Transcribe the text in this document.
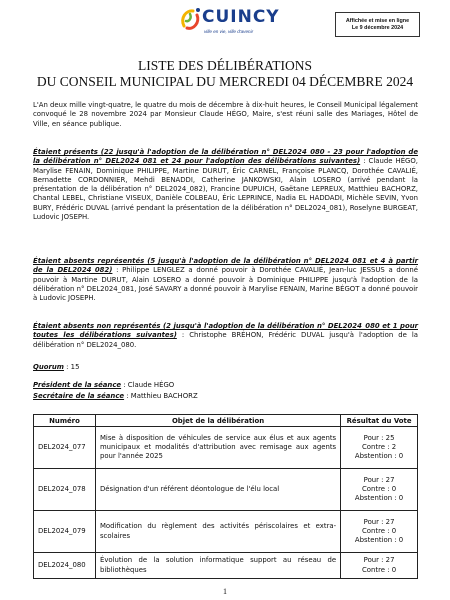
CUINCY
ville en vie, ville d'avenir
Affichée et mise en ligne
Le 9 décembre 2024
LISTE DES DÉLIBÉRATIONS
DU CONSEIL MUNICIPAL DU MERCREDI 04 DÉCEMBRE 2024

L'An deux mille vingt-quatre, le quatre du mois de décembre à dix-huit heures, le Conseil Municipal légalement convoqué le 28 novembre 2024 par Monsieur Claude HÉGO, Maire, s'est réuni salle des Mariages, Hôtel de Ville, en séance publique.

Étaient présents (22 jusqu'à l'adoption de la délibération n° DEL2024_080 - 23 pour l'adoption de la délibération n° DEL2024_081 et 24 pour l'adoption des délibérations suivantes) : Claude HÉGO, Marylise FENAIN, Dominique PHILIPPE, Martine DURUT, Éric CARNEL, Françoise PLANCQ, Dorothée CAVALIÉ, Bernadette CORDONNIER, Mehdi BENADDI, Catherine JANKOWSKI, Alain LOSERO (arrivé pendant la présentation de la délibération n° DEL2024_082), Francine DUPUICH, Gaëtane LEPREUX, Matthieu BACHORZ, Chantal LEBEL, Christiane VISEUX, Danièle COLBEAU, Éric LEPRINCE, Nadia EL HADDADI, Michèle SEVIN, Yvon BURY, Frédéric DUVAL (arrivé pendant la présentation de la délibération n° DEL2024_081), Roselyne BURGEAT, Ludovic JOSEPH.

Étaient absents représentés (5 jusqu'à l'adoption de la délibération n° DEL2024_081 et 4 à partir de la DEL2024_082) : Philippe LENGLEZ a donné pouvoir à Dorothée CAVALIÉ, Jean-luc JESSUS a donné pouvoir à Martine DURUT, Alain LOSERO a donné pouvoir à Dominique PHILIPPE jusqu'à l'adoption de la délibération n° DEL2024_081, José SAVARY a donné pouvoir à Marylise FENAIN, Marine BÉGOT a donné pouvoir à Ludovic JOSEPH.

Étaient absents non représentés (2 jusqu'à l'adoption de la délibération n° DEL2024_080 et 1 pour toutes les délibérations suivantes) : Christophe BRÉHON, Frédéric DUVAL jusqu'à l'adoption de la délibération n° DEL2024_080.

Quorum : 15

Président de la séance : Claude HÉGO

Secrétaire de la séance : Matthieu BACHORZ

Numéro	Objet de la délibération	Résultat du Vote
DEL2024_077	Mise à disposition de véhicules de service aux élus et aux agents municipaux et modalités d'attribution avec remisage aux agents pour l'année 2025	Pour : 25
Contre : 2
Abstention : 0

DEL2024_078	Désignation d'un référent déontologue de l'élu local	Pour : 27
Contre : 0
Abstention : 0

DEL2024_079	Modification du règlement des activités périscolaires et extra-scolaires	Pour : 27
Contre : 0
Abstention : 0

DEL2024_080	Évolution de la solution informatique support au réseau de bibliothèques	Pour : 27
Contre : 0
1
